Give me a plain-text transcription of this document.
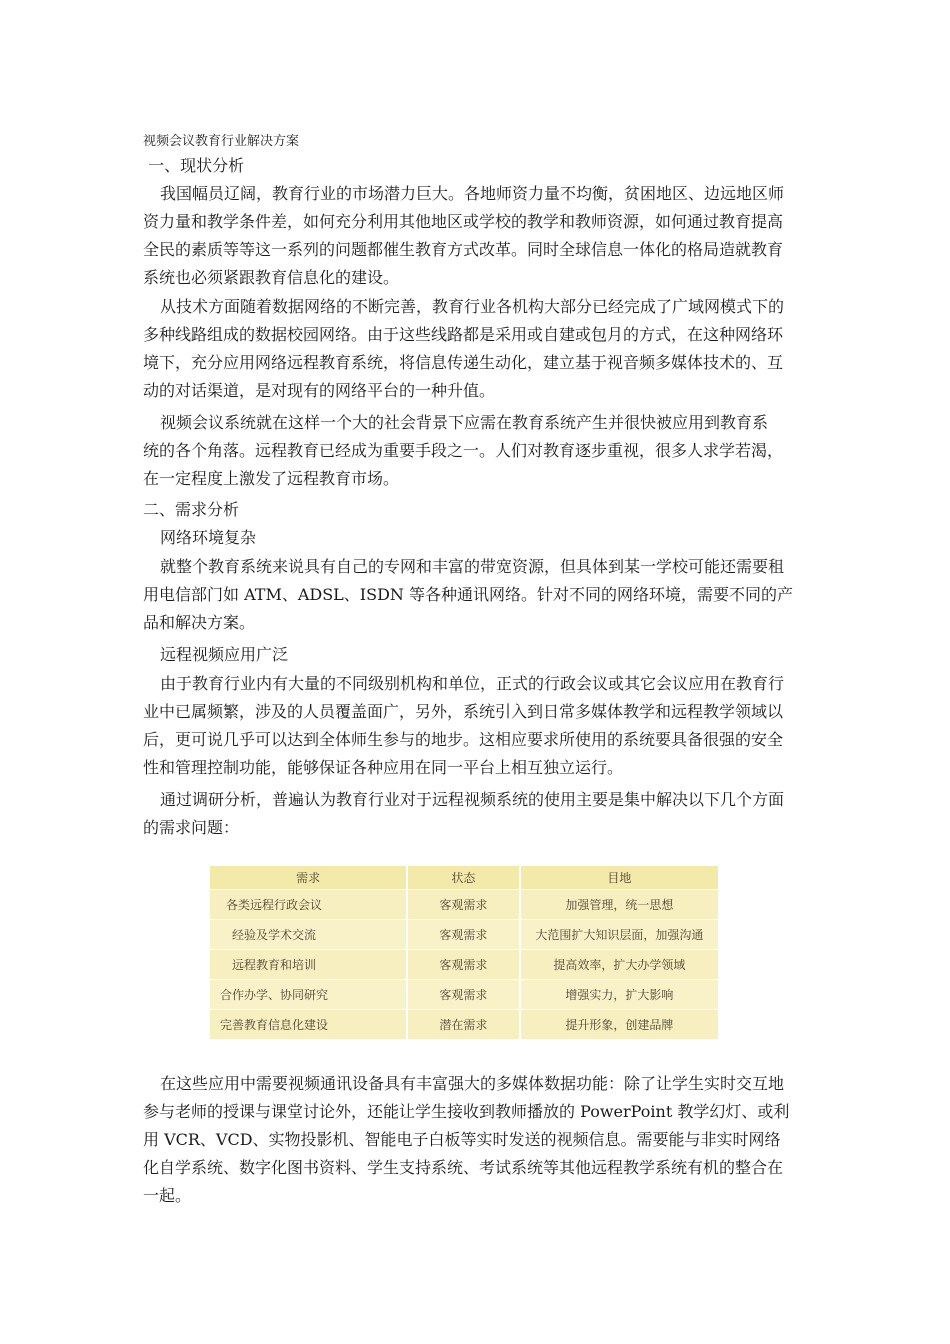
视频会议教育行业解决方案
一、现状分析
我国幅员辽阔，教育行业的市场潜力巨大。各地师资力量不均衡，贫困地区、边远地区师
资力量和教学条件差，如何充分利用其他地区或学校的教学和教师资源，如何通过教育提高
全民的素质等等这一系列的问题都催生教育方式改革。同时全球信息一体化的格局造就教育
系统也必须紧跟教育信息化的建设。
从技术方面随着数据网络的不断完善，教育行业各机构大部分已经完成了广域网模式下的
多种线路组成的数据校园网络。由于这些线路都是采用或自建或包月的方式，在这种网络环
境下，充分应用网络远程教育系统，将信息传递生动化，建立基于视音频多媒体技术的、互
动的对话渠道，是对现有的网络平台的一种升值。
视频会议系统就在这样一个大的社会背景下应需在教育系统产生并很快被应用到教育系
统的各个角落。远程教育已经成为重要手段之一。人们对教育逐步重视，很多人求学若渴，
在一定程度上激发了远程教育市场。
二、需求分析
网络环境复杂
就整个教育系统来说具有自己的专网和丰富的带宽资源，但具体到某一学校可能还需要租
用电信部门如 ATM、ADSL、ISDN 等各种通讯网络。针对不同的网络环境，需要不同的产
品和解决方案。
远程视频应用广泛
由于教育行业内有大量的不同级别机构和单位，正式的行政会议或其它会议应用在教育行
业中已属频繁，涉及的人员覆盖面广，另外，系统引入到日常多媒体教学和远程教学领域以
后，更可说几乎可以达到全体师生参与的地步。这相应要求所使用的系统要具备很强的安全
性和管理控制功能，能够保证各种应用在同一平台上相互独立运行。
通过调研分析，普遍认为教育行业对于远程视频系统的使用主要是集中解决以下几个方面
的需求问题：
需求	状态	目地
各类远程行政会议	客观需求	加强管理，统一思想
经验及学术交流	客观需求	大范围扩大知识层面，加强沟通
远程教育和培训	客观需求	提高效率，扩大办学领域
合作办学、协同研究	客观需求	增强实力，扩大影响
完善教育信息化建设	潜在需求	提升形象，创建品牌
在这些应用中需要视频通讯设备具有丰富强大的多媒体数据功能：除了让学生实时交互地
参与老师的授课与课堂讨论外，还能让学生接收到教师播放的 PowerPoint 教学幻灯、或利
用 VCR、VCD、实物投影机、智能电子白板等实时发送的视频信息。需要能与非实时网络
化自学系统、数字化图书资料、学生支持系统、考试系统等其他远程教学系统有机的整合在
一起。
